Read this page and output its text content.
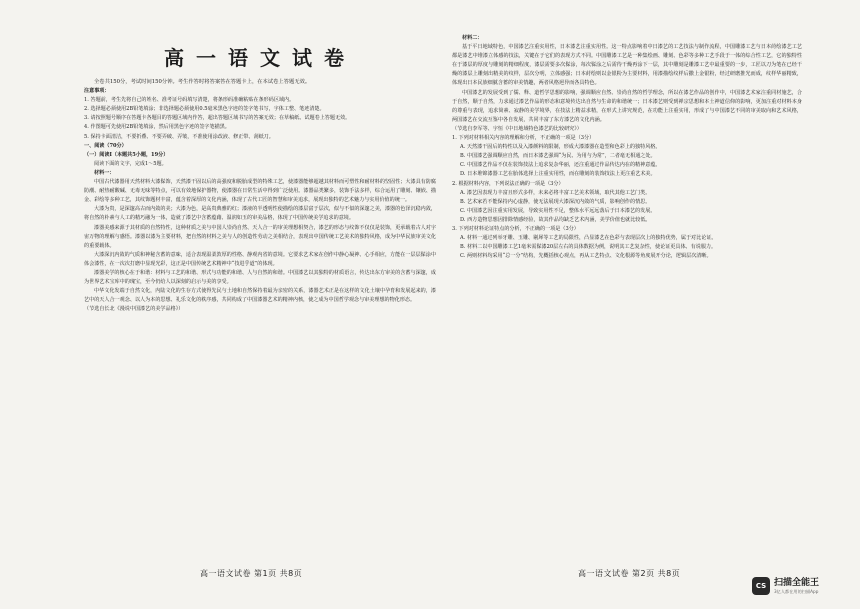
高一语文试卷

全卷共150分，考试时间150分钟。考生作答时将答案答在答题卡上，在本试卷上答题无效。

注意事项：

1. 答题前，考生先将自己的姓名、准考证号码填写清楚，将条形码准确粘贴在条形码区域内。

2. 选择题必须使用2B铅笔填涂；非选择题必须使用0.5毫米黑色字迹的签字笔书写，字体工整、笔迹清楚。

3. 请按照题号顺序在答题卡各题目的答题区域内作答，超出答题区域书写的答案无效；在草稿纸、试题卷上答题无效。

4. 作图题可先使用2B铅笔填涂，然后用黑色字迹的签字笔描黑。

5. 保持卡面清洁，不要折叠、不要弄破、弄皱，不准使用涂改液、修正带、刮纸刀。

一、阅读（70分）

（一）阅读Ⅰ（本题共5小题，19分）

阅读下面的文字，完成1～5题。

材料一：

中国古代漆器用天然材料大漆髹饰，天然漆干固以后的高强度和脱胎成型的特殊工艺，使漆器能够超越其材料而可塑性和耐材料的坚固性；大漆具有防腐防潮、耐热耐酸碱、无毒无味等特点，可以有效地保护器物，使漆器在日常生活中得到广泛使用。漆器品类繁多，装饰手法多样，综合运用了雕刻、镶嵌、描金、彩绘等多种工艺，其纹饰题材丰富，蕴含着深厚的文化内涵，体现了古代工匠的智慧和审美追求，展现出独特的艺术魅力与实用价值的统一。

大漆为贵，是深邃高古而内敛的美；大漆为色，是高贵典雅的红；漆液的半透明性使描绘的漆层富于层次，似与不似的深邃之美，漆器的色泽沉稳内敛，将自然的朴素与人工的精巧融为一体，造就了漆艺中含蓄蕴藉、温润如玉的审美品格，体现了中国传统美学追求的意境。

漆器美感来源于其材质的自然特性，这种材质之美与中国人崇尚自然、天人合一的审美理想相契合，漆艺的形态与纹饰不仅仅是装饰，更承载着古人对宇宙万物的理解与感悟。漆器以漆为主要材料，把自然的材料之美与人的创造性劳动之美相结合，表现出中国传统工艺美术的独特风格，成为中华民族审美文化的重要载体。

大漆深沉内敛的气质和神秘含蓄的意味，适合表现温柔敦厚的性格、静观内省的意境。它要求艺术家在创作中静心凝神、心手相应，方能在一层层髹涂中体会漆性，在一次次打磨中显现光彩，这正是中国传统艺术精神中“技进乎道”的体现。

漆器美学的核心在于和谐：材料与工艺的和谐、形式与功能的和谐、人与自然的和谐。中国漆艺以其独特的材质语言，传达出东方审美的含蓄与深邃，成为世界艺术宝库中的瑰宝，至今仍给人以深刻的启示与美的享受。

中华文化发端于自然文化，内陆文化的生存方式使得先民与土地和自然保持着最为亲密的关系，漆器艺术正是在这样的文化土壤中孕育和发展起来的，漆艺中的天人合一观念、以人为本的思想、礼乐文化的秩序感，共同构成了中国漆器艺术的精神内核，使之成为中国哲学观念与审美理想的物化形态。

（节选自长北《漫说中国漆艺的美学品格》）

材料二：

基于平日地域特色，中国漆艺注重实用性，日本漆艺注重实用性。这一特点影响着中日漆艺的工艺技法与制作流程，中国雕漆工艺与日本莳绘漆艺工艺都是漆艺中堆漆立体感的技法，关键在于它们的表现方式不同。中国雕漆工艺是一种集绘画、雕刻、色彩等多种工艺手段于一体的综合性工艺，它的独特性在于漆层的厚度与雕刻的精细程度，漆层需要多次髹涂，每次髹涂之后需待干燥再涂下一层，其中雕刻是雕漆工艺中最重要的一步，工匠以刀为笔在已经干燥的漆层上雕刻出精美的纹样，层次分明，立体感强；日本莳绘则以金银粉为主要材料，用漆描绘纹样后撒上金银粉，经过研磨推光而成，纹样华丽精致，体现出日本民族细腻含蓄的审美情趣，两者风格迥异而各具特色。

中国漆艺的发展受到了儒、释、道哲学思想的影响，强调顺应自然、崇尚自然的哲学理念，所以在漆艺作品的创作中，中国漆艺术家注重同材施艺，合于自然，顺于自然，力求通过漆艺作品的形态和意境传达出自然与生命的和谐统一；日本漆艺则受到禅宗思想和本土神道信仰的影响，更加注重对材料本身的尊重与表现，追求简素、寂静的美学境界，在技法上精益求精，在形式上讲究规范，在功能上注重实用，形成了与中国漆艺不同的审美取向和艺术风格，两国漆艺在交流互鉴中各自发展，共同丰富了东方漆艺的文化内涵。

（节选自李军等、宇恒《中日地域特色漆艺的比较研究》）

1. 下列对材料相关内容的理解和分析，不正确的一项是（3分）

A. 天然漆干固后的特性以及入漆颜料的限制，形成大漆漆器在造型和色彩上的独特风格。

B. 中国漆艺强调顺应自然，而日本漆艺强调“为民、为用与为常”，二者毫无相通之处。

C. 中国漆艺作品不仅在装饰技法上追求复杂华丽，还注重通过作品传达内在的精神意蕴。

D. 日本堆锦漆器工艺在胎体选择上注重实用性，而在雕刻的装饰技法上更注重艺术美。

2. 根据材料内容，下列说法正确的一项是（3分）

A. 漆艺因表现力丰富且形式多样，未来必将丰富工艺美术领域，取代其他工艺门类。

B. 艺术家若不能保持内心虚静，使无法展现大漆深沉内敛的气质，影响创作的情思。

C. 中国漆艺因注重实用发展，导致实用性不足，整体水平远远落后于日本漆艺的发展。

D. 西方造物思想因排除情感经验，故其作品均缺乏艺术内涵，美学价值也就比较低。

3. 下列对材料论证特点的分析，不正确的一项是（3分）

A. 材料一通过列举牙雕、玉雕、剔犀等工艺的局限性，凸显漆艺在色彩与表现层次上的独特优势，属于对比论证。

B. 材料二以中国雕漆工艺1毫米需髹漆20层左右的具体数据为例，说明其工艺复杂性，使论证更具体、有说服力。

C. 两则材料均采用“总一分”结构，先概括核心观点，再从工艺特点、文化根源等角度展开分论，逻辑层次清晰。

高一语文试卷 第1页 共8页	高一语文试卷 第2页 共8页
CS 扫描全能王
3亿人都在用的扫描App
